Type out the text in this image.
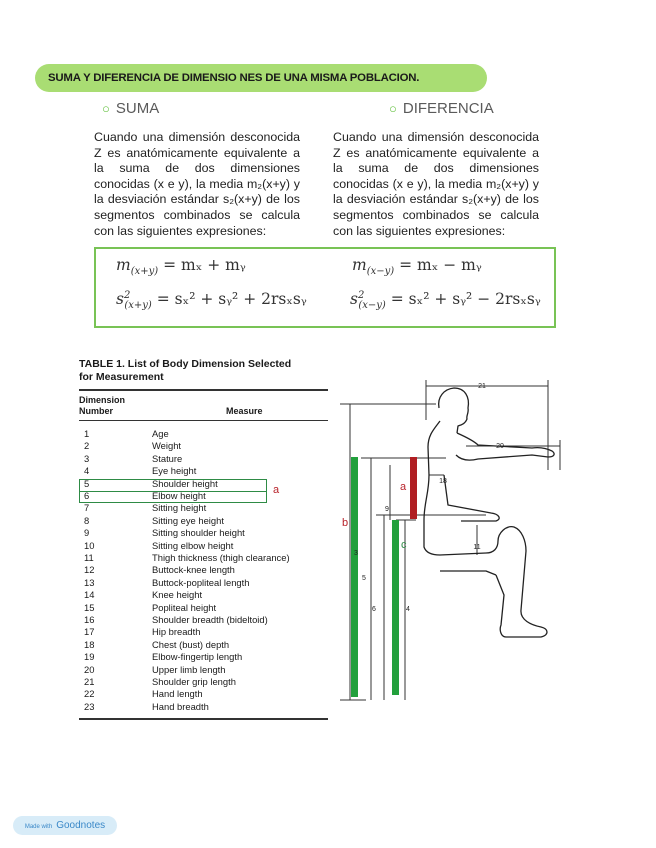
SUMA Y DIFERENCIA DE DIMENSIO NES DE UNA MISMA POBLACION.
○ SUMA	○ DIFERENCIA
Cuando una dimensión desconocida
Z es anatómicamente equivalente a
la suma de dos dimensiones
conocidas (x e y), la media m₂(x+y) y
la desviación estándar s₂(x+y) de los
segmentos combinados se calcula
con las siguientes expresiones:
Cuando una dimensión desconocida
Z es anatómicamente equivalente a
la suma de dos dimensiones
conocidas (x e y), la media m₂(x+y) y
la desviación estándar s₂(x+y) de los
segmentos combinados se calcula
con las siguientes expresiones:
$m_{(x+y)} = m_x$ + mᵧ
$s^2_{(x+y)} = s_x^2$ + sᵧ² + 2rsₓsᵧ
$m_{(x-y)} = m_x$ − mᵧ
$s^2_{(x-y)} = s_x^2$ + sᵧ² − 2rsₓsᵧ
TABLE 1. List of Body Dimension Selected
for Measurement
Dimension
Number	Measure
1	Age
2	Weight
3	Stature
4	Eye height
5	Shoulder height
6	Elbow height
7	Sitting height
8	Sitting eye height
9	Sitting shoulder height
10	Sitting elbow height
11	Thigh thickness (thigh clearance)
12	Buttock-knee length
13	Buttock-popliteal length
14	Knee height
15	Popliteal height
16	Shoulder breadth (bideltoid)
17	Hip breadth
18	Chest (bust) depth
19	Elbow-fingertip length
20	Upper limb length
21	Shoulder grip length
22	Hand length
23	Hand breadth
a
21
20
18
9
11
5
6	4
3
a
b
c
Made with Goodnotes
